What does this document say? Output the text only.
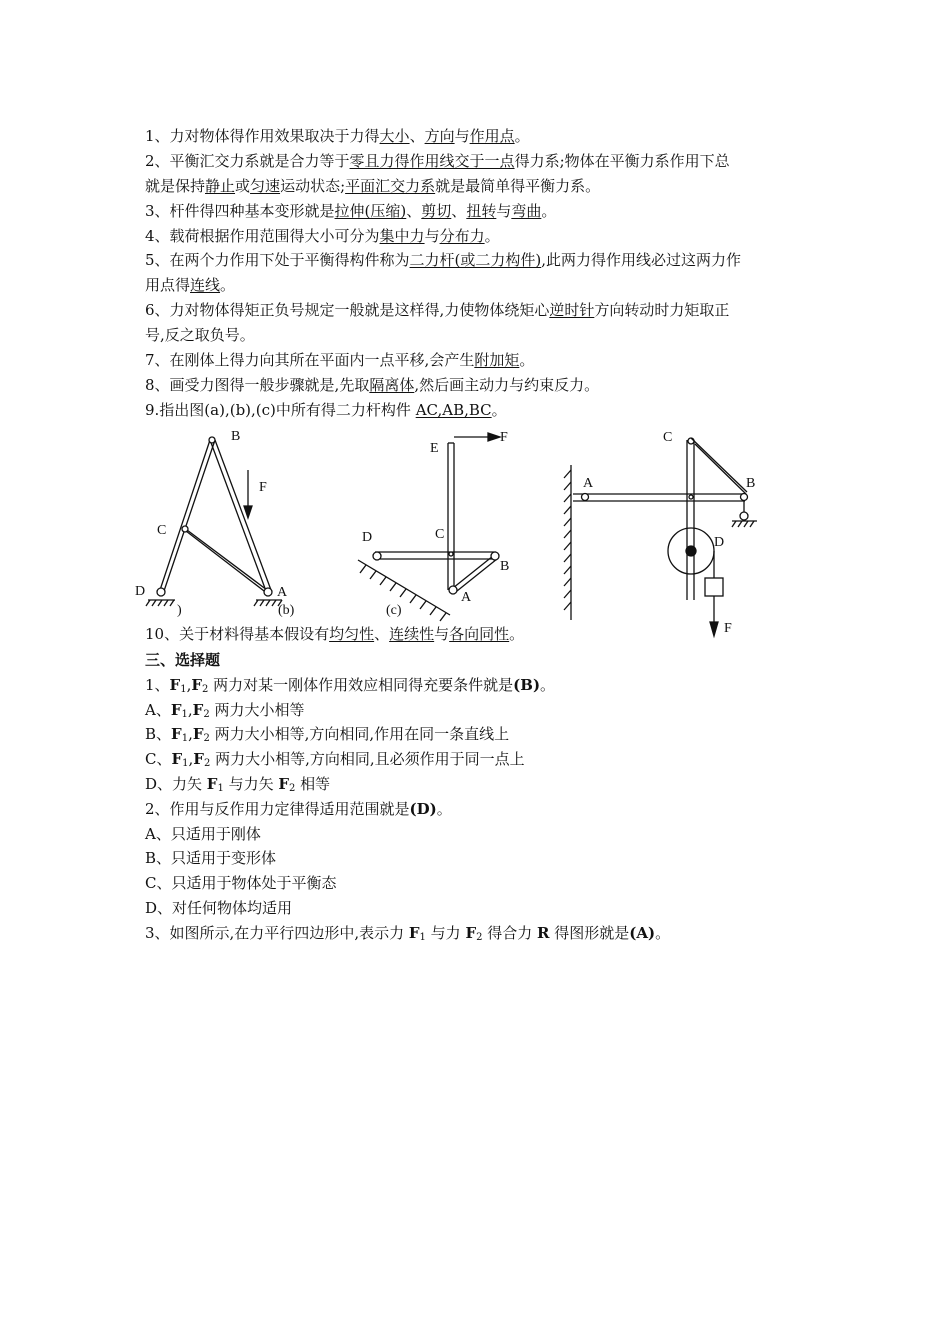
1、力对物体得作用效果取决于力得大小、方向与作用点。
2、平衡汇交力系就是合力等于零且力得作用线交于一点得力系;物体在平衡力系作用下总
就是保持静止或匀速运动状态;平面汇交力系就是最简单得平衡力系。
3、杆件得四种基本变形就是拉伸(压缩)、剪切、扭转与弯曲。
4、载荷根据作用范围得大小可分为集中力与分布力。
5、在两个力作用下处于平衡得构件称为二力杆(或二力构件),此两力得作用线必过这两力作
用点得连线。
6、力对物体得矩正负号规定一般就是这样得,力使物体绕矩心逆时针方向转动时力矩取正
号,反之取负号。
7、在刚体上得力向其所在平面内一点平移,会产生附加矩。
8、画受力图得一般步骤就是,先取隔离体,然后画主动力与约束反力。
9.指出图(a),(b),(c)中所有得二力杆构件 AC,AB,BC。
B
F
C
D	A
)
E
F
C
D
B
A
(b)	(c)
C
A	B
D
F
10、关于材料得基本假设有均匀性、连续性与各向同性。
三、选择题
1、$F_1,F_2$ 两力对某一刚体作用效应相同得充要条件就是(B)。
A、$F_1,F_2$ 两力大小相等
B、$F_1,F_2$ 两力大小相等,方向相同,作用在同一条直线上
C、$F_1,F_2$ 两力大小相等,方向相同,且必须作用于同一点上
D、力矢 $F_1$ 与力矢 $F_2$ 相等
2、作用与反作用力定律得适用范围就是(D)。
A、只适用于刚体
B、只适用于变形体
C、只适用于物体处于平衡态
D、对任何物体均适用
3、如图所示,在力平行四边形中,表示力 $F_1$ 与力 $F_2$ 得合力 R 得图形就是(A)。
